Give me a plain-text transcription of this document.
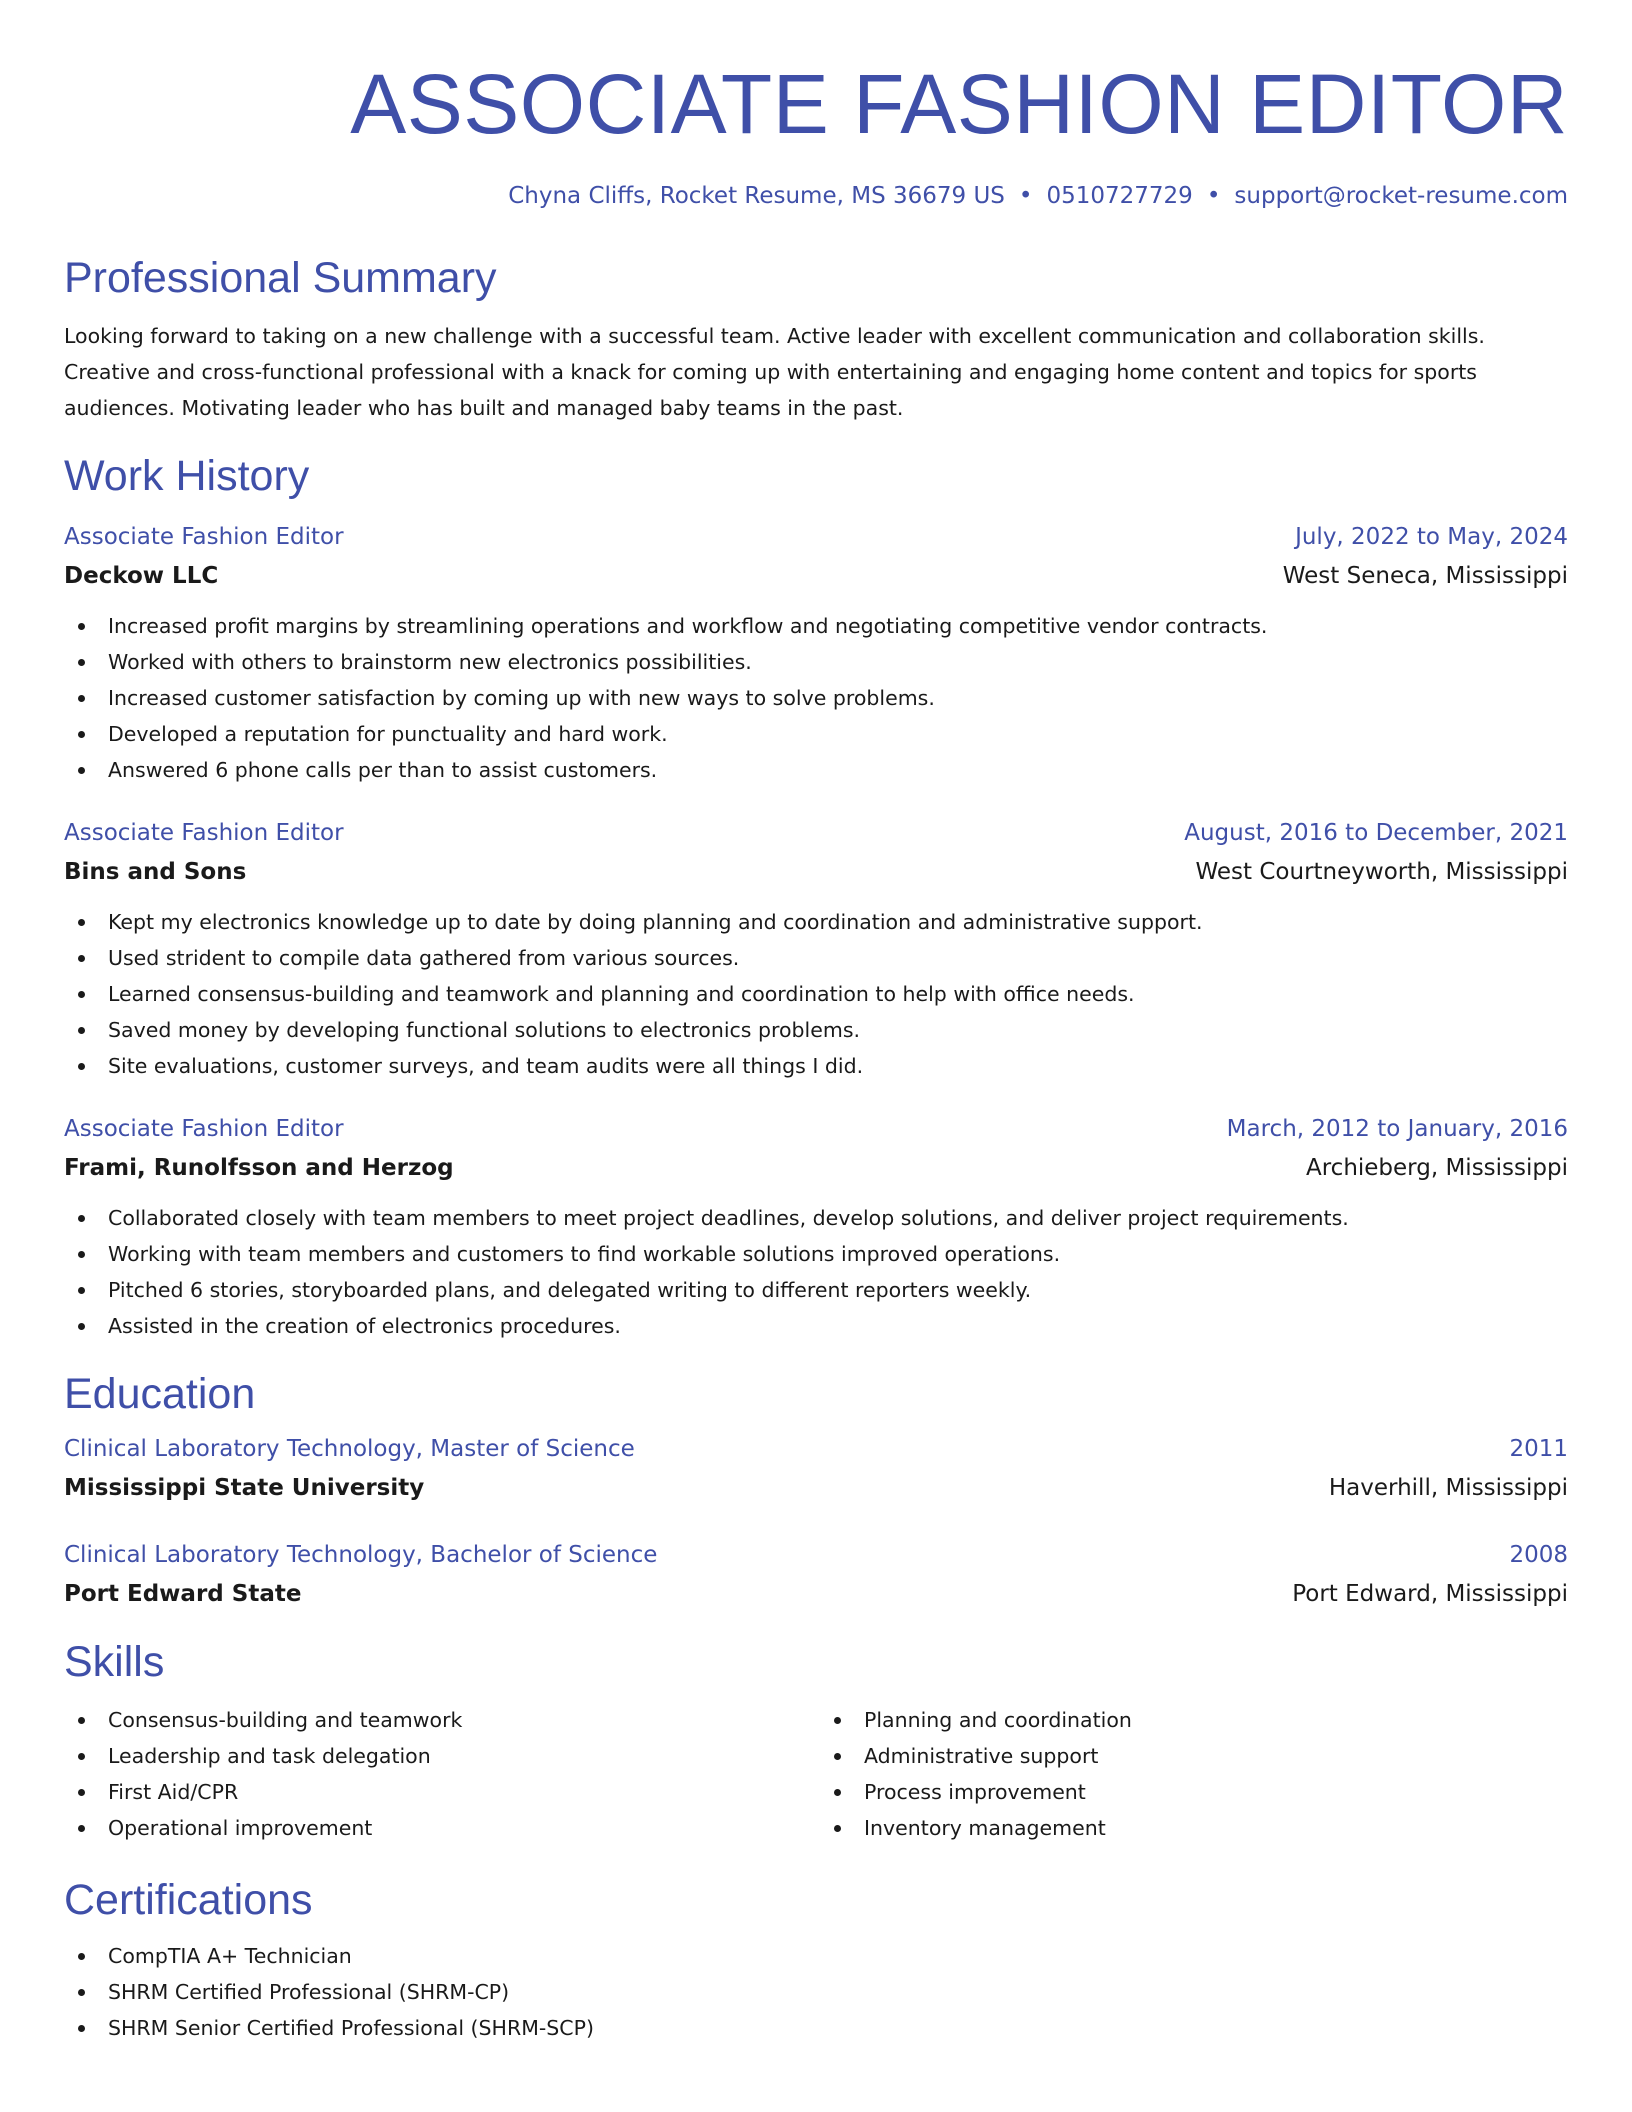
ASSOCIATE FASHION EDITOR
Chyna Cliffs, Rocket Resume, MS 36679 US • 0510727729 • support@rocket-resume.com
Professional Summary

Looking forward to taking on a new challenge with a successful team. Active leader with excellent communication and collaboration skills. Creative and cross-functional professional with a knack for coming up with entertaining and engaging home content and topics for sports audiences. Motivating leader who has built and managed baby teams in the past.

Work History
Associate Fashion Editor	July, 2022 to May, 2024
Deckow LLC	West Seneca, Mississippi
Increased profit margins by streamlining operations and workflow and negotiating competitive vendor contracts.
Worked with others to brainstorm new electronics possibilities.
Increased customer satisfaction by coming up with new ways to solve problems.
Developed a reputation for punctuality and hard work.
Answered 6 phone calls per than to assist customers.
Associate Fashion Editor	August, 2016 to December, 2021
Bins and Sons	West Courtneyworth, Mississippi
Kept my electronics knowledge up to date by doing planning and coordination and administrative support.
Used strident to compile data gathered from various sources.
Learned consensus-building and teamwork and planning and coordination to help with office needs.
Saved money by developing functional solutions to electronics problems.
Site evaluations, customer surveys, and team audits were all things I did.
Associate Fashion Editor	March, 2012 to January, 2016
Frami, Runolfsson and Herzog	Archieberg, Mississippi
Collaborated closely with team members to meet project deadlines, develop solutions, and deliver project requirements.
Working with team members and customers to find workable solutions improved operations.
Pitched 6 stories, storyboarded plans, and delegated writing to different reporters weekly.
Assisted in the creation of electronics procedures.
Education
Clinical Laboratory Technology, Master of Science	2011
Mississippi State University	Haverhill, Mississippi
Clinical Laboratory Technology, Bachelor of Science	2008
Port Edward State	Port Edward, Mississippi
Skills
Consensus-building and teamwork
Leadership and task delegation
First Aid/CPR
Operational improvement
Planning and coordination
Administrative support
Process improvement
Inventory management
Certifications
CompTIA A+ Technician
SHRM Certified Professional (SHRM-CP)
SHRM Senior Certified Professional (SHRM-SCP)
